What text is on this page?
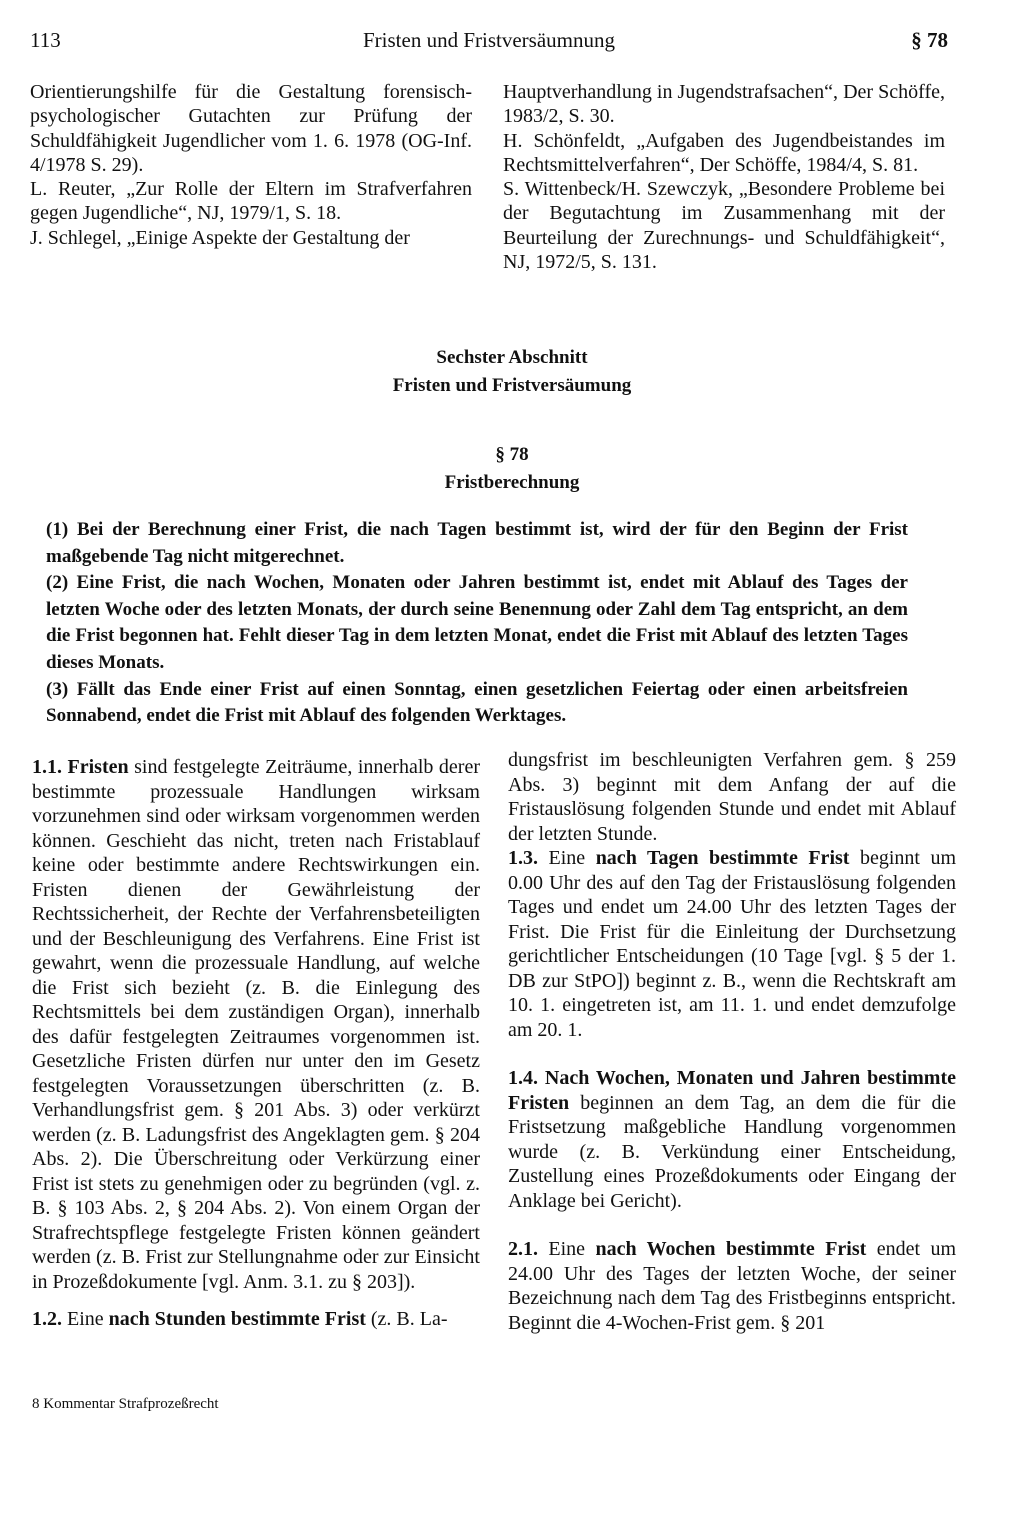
113	Fristen und Fristversäumnung	§ 78

Orientierungshilfe für die Gestaltung forensisch-psychologischer Gutachten zur Prüfung der Schuldfähigkeit Jugendlicher vom 1. 6. 1978 (OG-Inf. 4/1978 S. 29).

L. Reuter, „Zur Rolle der Eltern im Strafverfahren gegen Jugendliche“, NJ, 1979/1, S. 18.

J. Schlegel, „Einige Aspekte der Gestaltung der

Hauptverhandlung in Jugendstrafsachen“, Der Schöffe, 1983/2, S. 30.

H. Schönfeldt, „Aufgaben des Jugendbeistandes im Rechtsmittelverfahren“, Der Schöffe, 1984/4, S. 81.

S. Wittenbeck/H. Szewczyk, „Besondere Probleme bei der Begutachtung im Zusammenhang mit der Beurteilung der Zurechnungs- und Schuldfähigkeit“, NJ, 1972/5, S. 131.

Sechster Abschnitt
Fristen und Fristversäumung
§ 78
Fristberechnung

(1) Bei der Berechnung einer Frist, die nach Tagen bestimmt ist, wird der für den Beginn der Frist maßgebende Tag nicht mitgerechnet.

(2) Eine Frist, die nach Wochen, Monaten oder Jahren bestimmt ist, endet mit Ablauf des Tages der letzten Woche oder des letzten Monats, der durch seine Benennung oder Zahl dem Tag entspricht, an dem die Frist begonnen hat. Fehlt dieser Tag in dem letzten Monat, endet die Frist mit Ablauf des letzten Tages dieses Monats.

(3) Fällt das Ende einer Frist auf einen Sonntag, einen gesetzlichen Feiertag oder einen arbeitsfreien Sonnabend, endet die Frist mit Ablauf des folgenden Werktages.

1.1. Fristen sind festgelegte Zeiträume, innerhalb derer bestimmte prozessuale Handlungen wirksam vorzunehmen sind oder wirksam vorgenommen werden können. Geschieht das nicht, treten nach Fristablauf keine oder bestimmte andere Rechtswirkungen ein. Fristen dienen der Gewährleistung der Rechtssicherheit, der Rechte der Verfahrensbeteiligten und der Beschleunigung des Verfahrens. Eine Frist ist gewahrt, wenn die prozessuale Handlung, auf welche die Frist sich bezieht (z. B. die Einlegung des Rechtsmittels bei dem zuständigen Organ), innerhalb des dafür festgelegten Zeitraumes vorgenommen ist. Gesetzliche Fristen dürfen nur unter den im Gesetz festgelegten Voraussetzungen überschritten (z. B. Verhandlungsfrist gem. § 201 Abs. 3) oder verkürzt werden (z. B. Ladungsfrist des Angeklagten gem. § 204 Abs. 2). Die Überschreitung oder Verkürzung einer Frist ist stets zu genehmigen oder zu begründen (vgl. z. B. § 103 Abs. 2, § 204 Abs. 2). Von einem Organ der Strafrechtspflege festgelegte Fristen können geändert werden (z. B. Frist zur Stellungnahme oder zur Einsicht in Prozeßdokumente [vgl. Anm. 3.1. zu § 203]).

1.2. Eine nach Stunden bestimmte Frist (z. B. La-

dungsfrist im beschleunigten Verfahren gem. § 259 Abs. 3) beginnt mit dem Anfang der auf die Fristauslösung folgenden Stunde und endet mit Ablauf der letzten Stunde.

1.3. Eine nach Tagen bestimmte Frist beginnt um 0.00 Uhr des auf den Tag der Fristauslösung folgenden Tages und endet um 24.00 Uhr des letzten Tages der Frist. Die Frist für die Einleitung der Durchsetzung gerichtlicher Entscheidungen (10 Tage [vgl. § 5 der 1. DB zur StPO]) beginnt z. B., wenn die Rechtskraft am 10. 1. eingetreten ist, am 11. 1. und endet demzufolge am 20. 1.

1.4. Nach Wochen, Monaten und Jahren bestimmte Fristen beginnen an dem Tag, an dem die für die Fristsetzung maßgebliche Handlung vorgenommen wurde (z. B. Verkündung einer Entscheidung, Zustellung eines Prozeßdokuments oder Eingang der Anklage bei Gericht).

2.1. Eine nach Wochen bestimmte Frist endet um 24.00 Uhr des Tages der letzten Woche, der seiner Bezeichnung nach dem Tag des Fristbeginns entspricht. Beginnt die 4-Wochen-Frist gem. § 201

8 Kommentar Strafprozeßrecht
